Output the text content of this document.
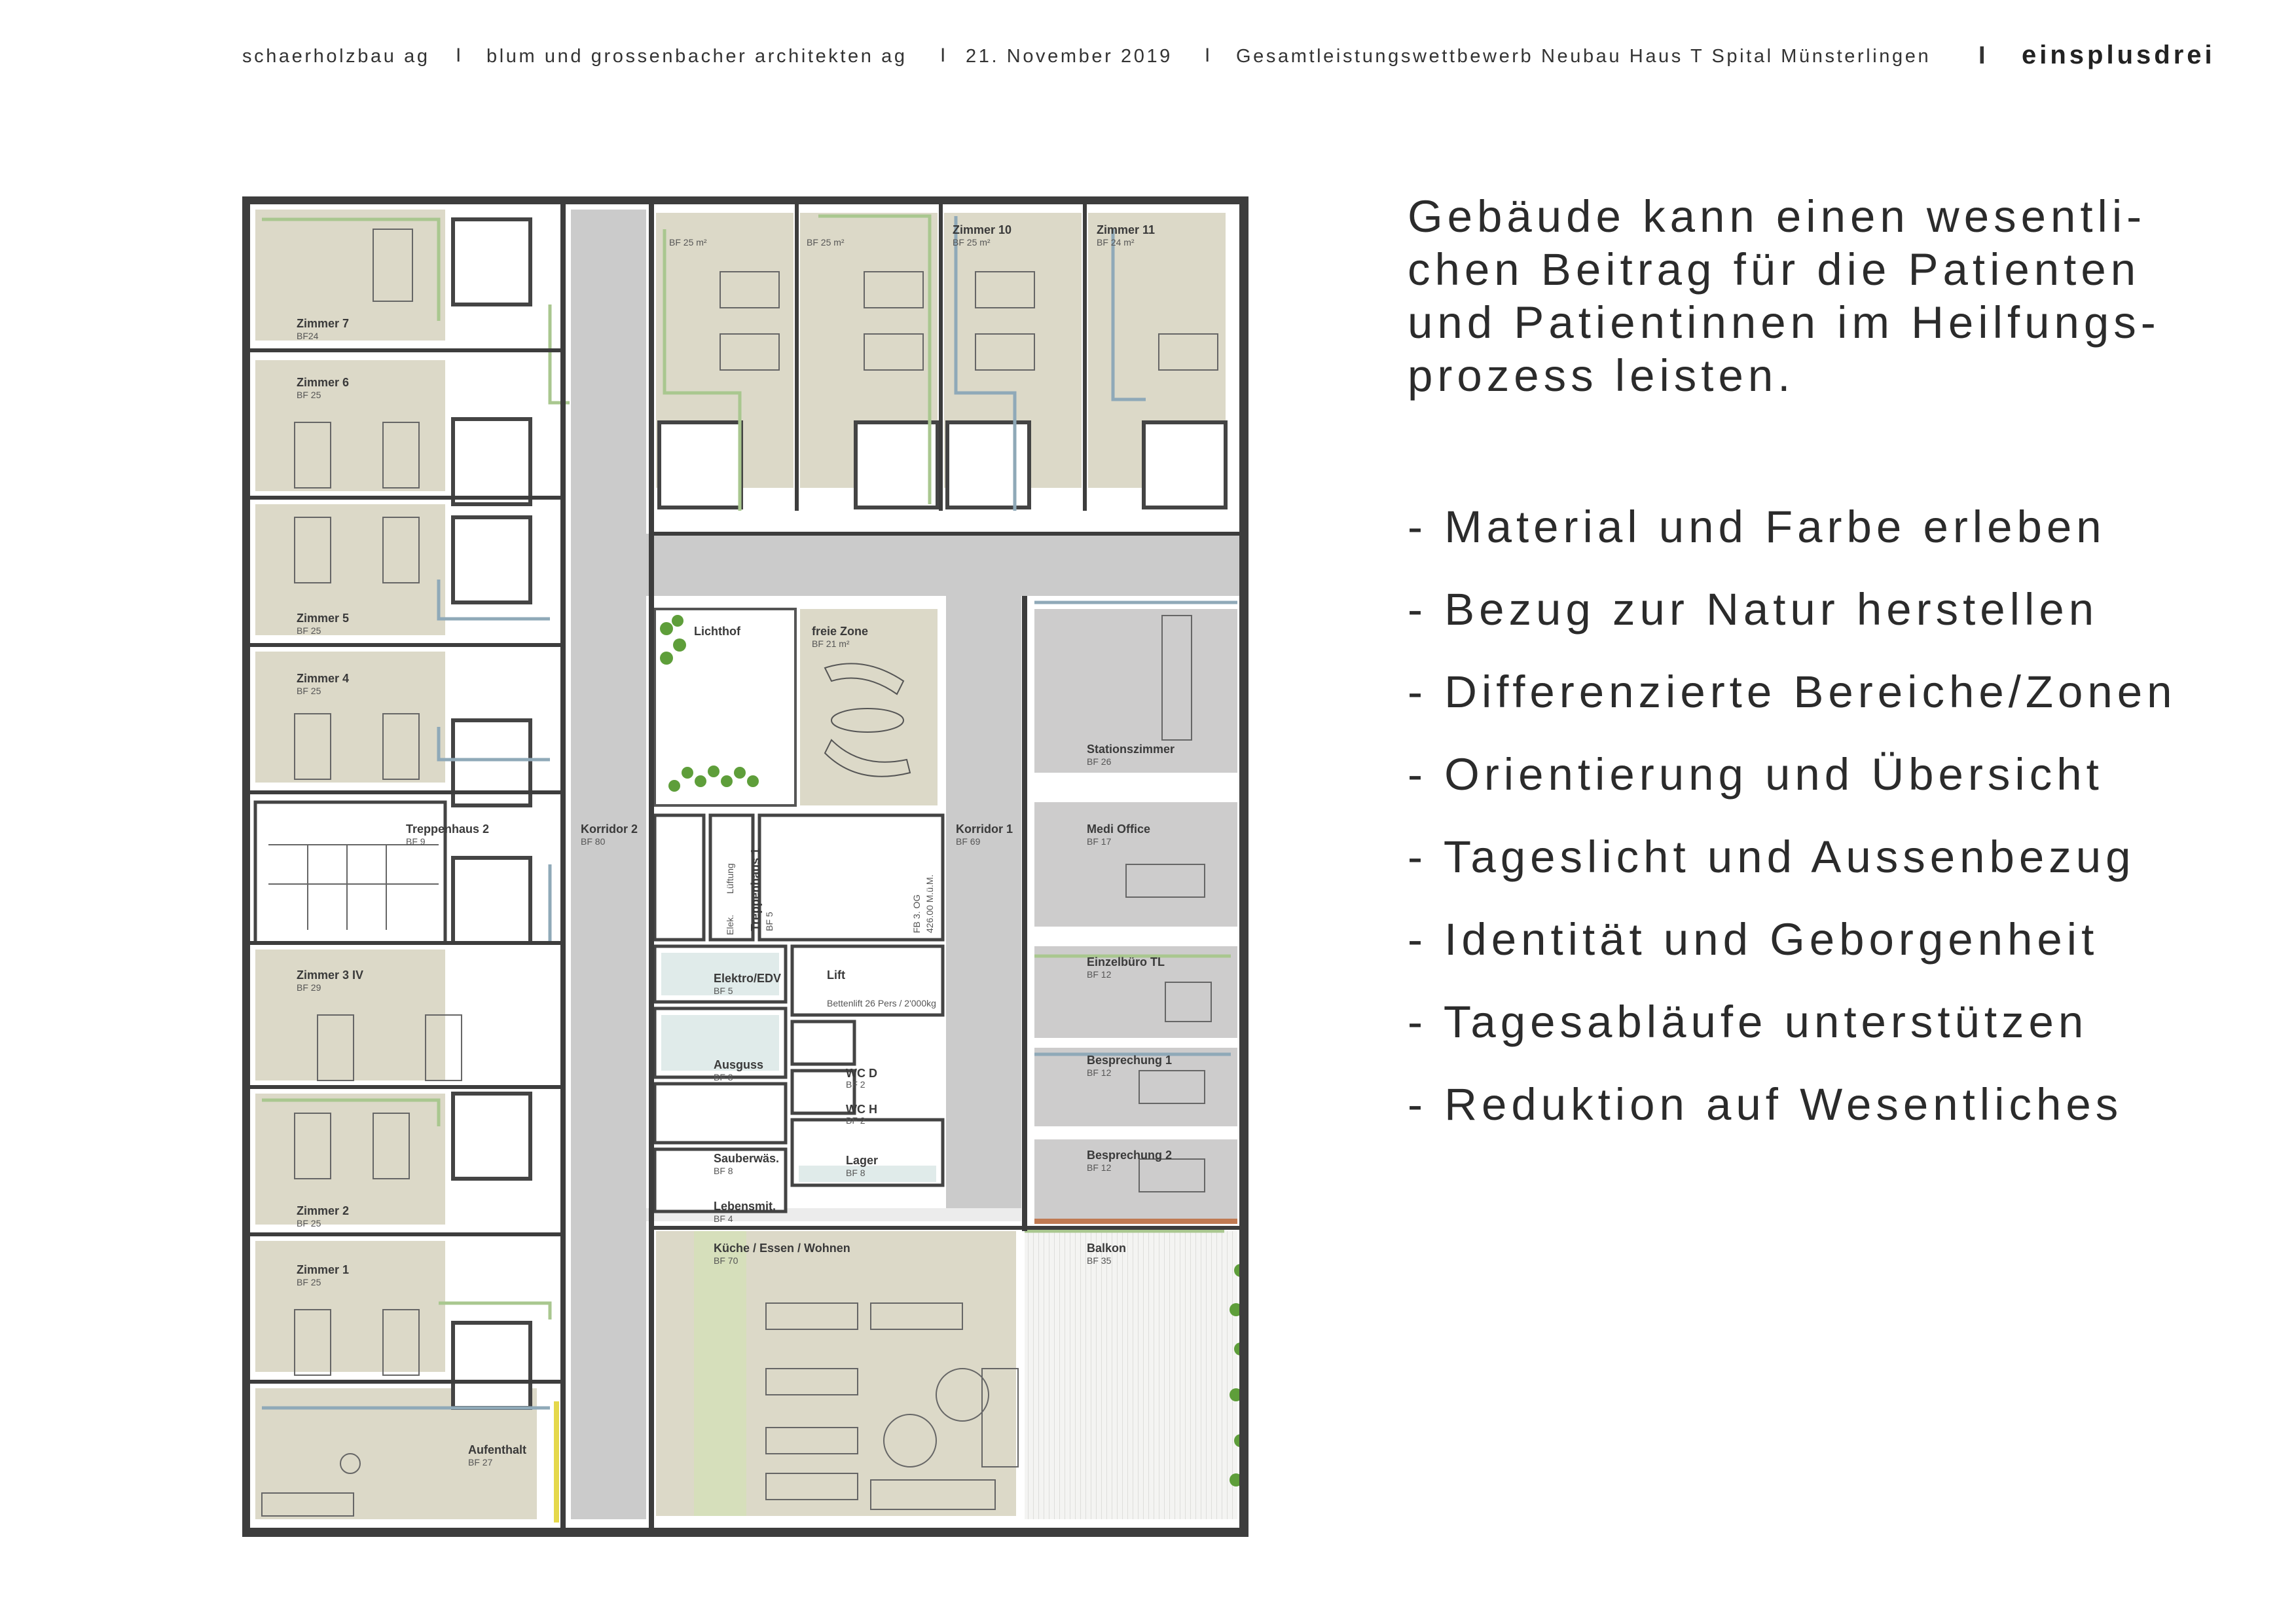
schaerholzbau ag I blum und grossenbacher architekten ag I 21. November 2019 I Gesamtleistungswettbewerb Neubau Haus T Spital Münsterlingen I einsplusdrei
Zimmer 7
BF24
Zimmer 6
BF 25
Zimmer 5
BF 25
Zimmer 4
BF 25
Treppenhaus 2
BF 9
Zimmer 3 IV
BF 29
Zimmer 2
BF 25
Zimmer 1
BF 25
Aufenthalt
BF 27
Korridor 2
BF 80
BF 25 m²	BF 25 m²
Zimmer 10
BF 25 m²
Zimmer 11
BF 24 m²
Lichthof	freie Zone
BF 21 m²
Stationszimmer
BF 26
Korridor 1
BF 69
Medi Office
BF 17
Treppenhaus 1 BF 5
Lüftung
Elek.	FB 3. OG 426.00 M.ü.M.
Elektro/EDV
BF 5
Lift
Bettenlift 26 Pers / 2'000kg
Einzelbüro TL
BF 12
Ausguss
BF 8	WC D
BF 2
WC H
BF 2
Besprechung 1
BF 12
Sauberwäs.
BF 8
Lager
BF 8
Besprechung 2
BF 12
Lebensmit.
BF 4
Küche / Essen / Wohnen
BF 70
Balkon
BF 35
Gebäude kann einen wesentli-
chen Beitrag für die Patienten
und Patientinnen im Heilfungs-
prozess leisten.
- Material und Farbe erleben
- Bezug zur Natur herstellen
- Differenzierte Bereiche/Zonen
- Orientierung und Übersicht
- Tageslicht und Aussenbezug
- Identität und Geborgenheit
- Tagesabläufe unterstützen
- Reduktion auf Wesentliches
